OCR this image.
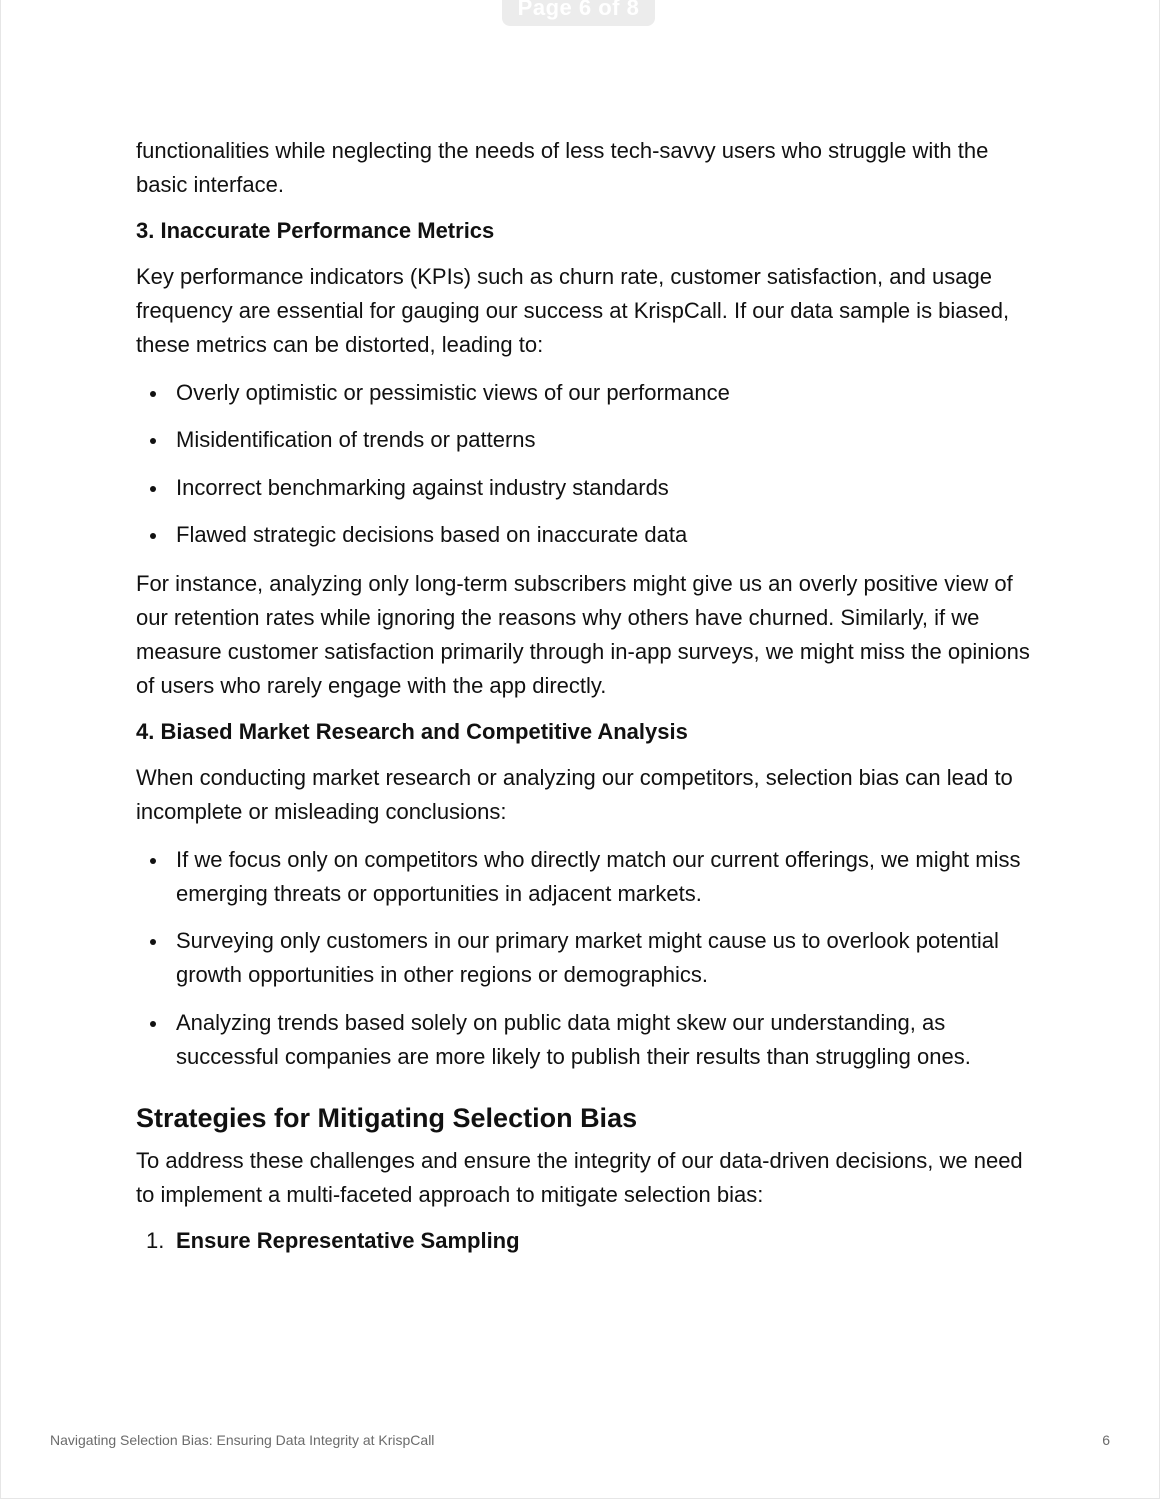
Page 6 of 8

functionalities while neglecting the needs of less tech-savvy users who struggle with the basic interface.

3. Inaccurate Performance Metrics

Key performance indicators (KPIs) such as churn rate, customer satisfaction, and usage frequency are essential for gauging our success at KrispCall. If our data sample is biased, these metrics can be distorted, leading to:

Overly optimistic or pessimistic views of our performance
Misidentification of trends or patterns
Incorrect benchmarking against industry standards
Flawed strategic decisions based on inaccurate data

For instance, analyzing only long-term subscribers might give us an overly positive view of our retention rates while ignoring the reasons why others have churned. Similarly, if we measure customer satisfaction primarily through in-app surveys, we might miss the opinions of users who rarely engage with the app directly.

4. Biased Market Research and Competitive Analysis

When conducting market research or analyzing our competitors, selection bias can lead to incomplete or misleading conclusions:

If we focus only on competitors who directly match our current offerings, we might miss emerging threats or opportunities in adjacent markets.
Surveying only customers in our primary market might cause us to overlook potential growth opportunities in other regions or demographics.
Analyzing trends based solely on public data might skew our understanding, as successful companies are more likely to publish their results than struggling ones.
Strategies for Mitigating Selection Bias

To address these challenges and ensure the integrity of our data-driven decisions, we need to implement a multi-faceted approach to mitigate selection bias:

1. Ensure Representative Sampling
Navigating Selection Bias: Ensuring Data Integrity at KrispCall	6
